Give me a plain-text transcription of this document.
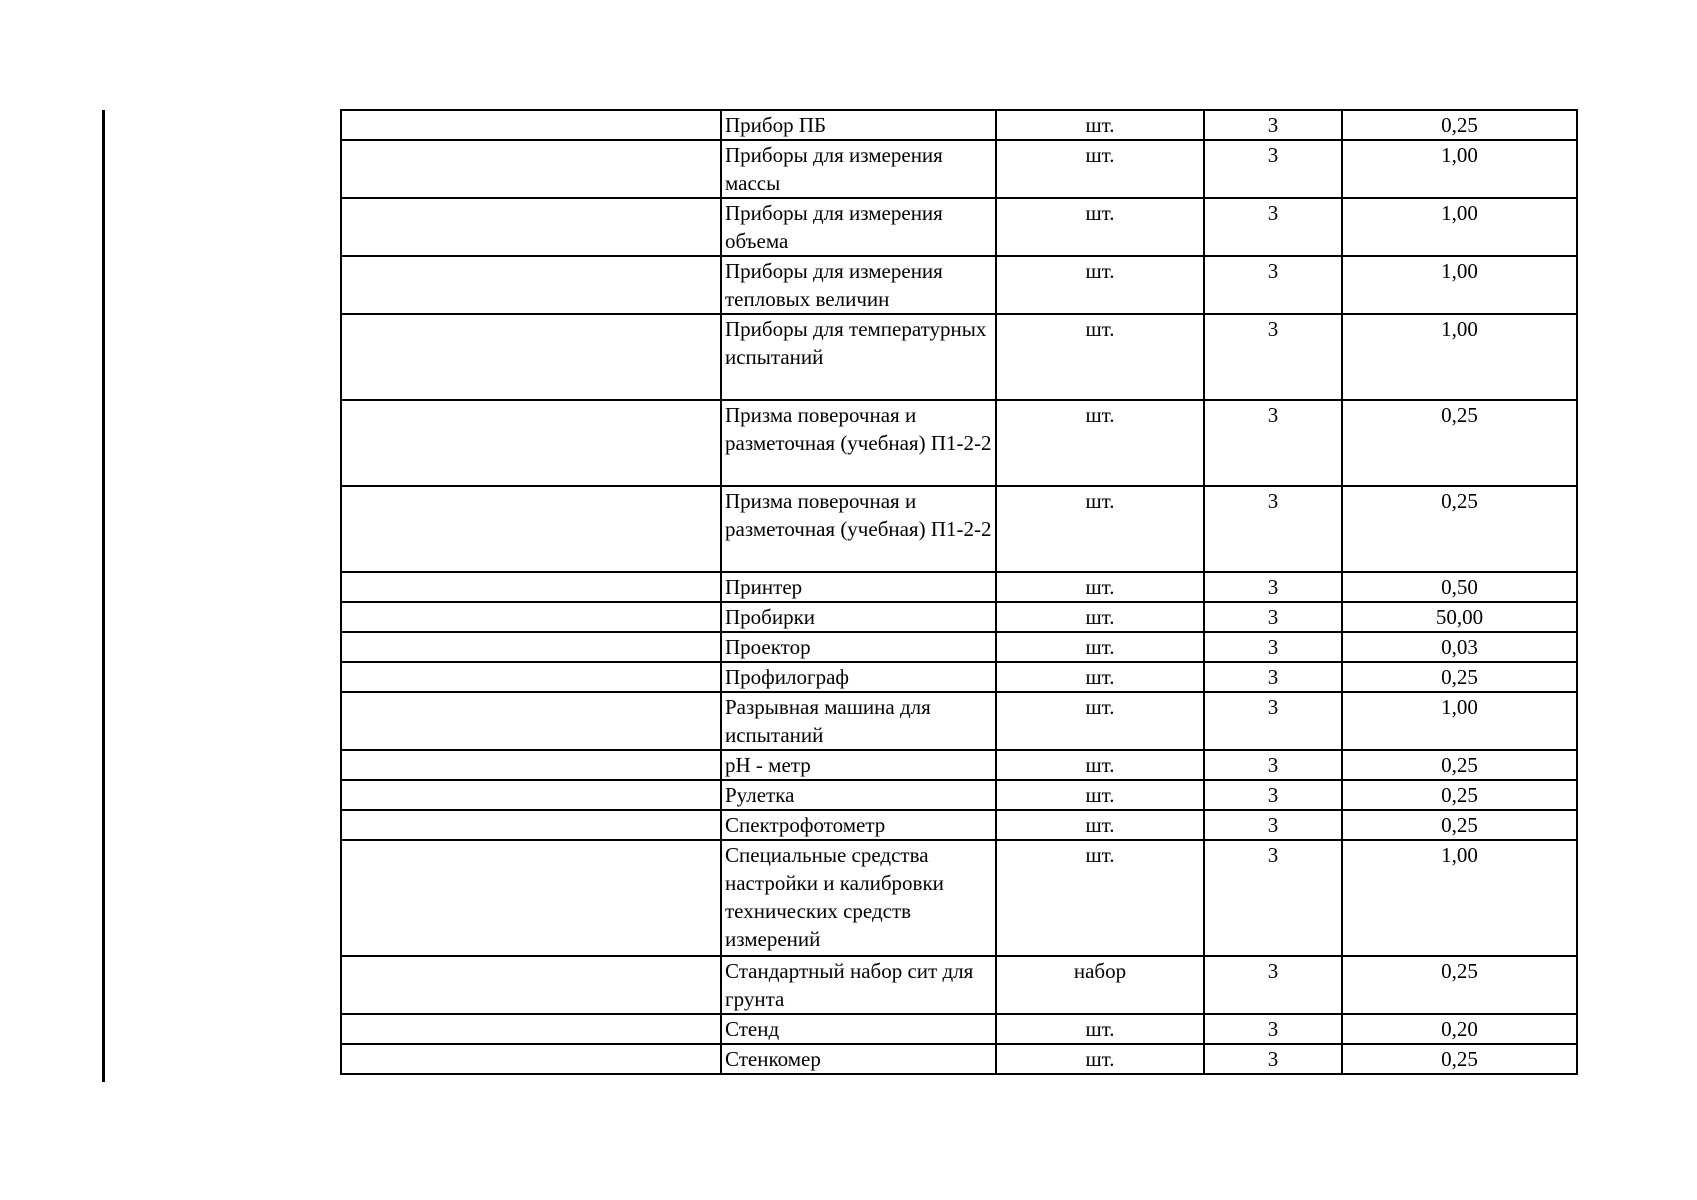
	Прибор ПБ	шт.	3	0,25
	Приборы для измерения массы	шт.	3	1,00
	Приборы для измерения объема	шт.	3	1,00
	Приборы для измерения тепловых величин	шт.	3	1,00
	Приборы для температурных испытаний	шт.	3	1,00
	Призма поверочная и разметочная (учебная) П1-2-2	шт.	3	0,25
	Призма поверочная и разметочная (учебная) П1-2-2	шт.	3	0,25
	Принтер	шт.	3	0,50
	Пробирки	шт.	3	50,00
	Проектор	шт.	3	0,03
	Профилограф	шт.	3	0,25
	Разрывная машина для испытаний	шт.	3	1,00
	pH - метр	шт.	3	0,25
	Рулетка	шт.	3	0,25
	Спектрофотометр	шт.	3	0,25
	Специальные средства настройки и калибровки технических средств измерений	шт.	3	1,00
	Стандартный набор сит для грунта	набор	3	0,25
	Стенд	шт.	3	0,20
	Стенкомер	шт.	3	0,25
